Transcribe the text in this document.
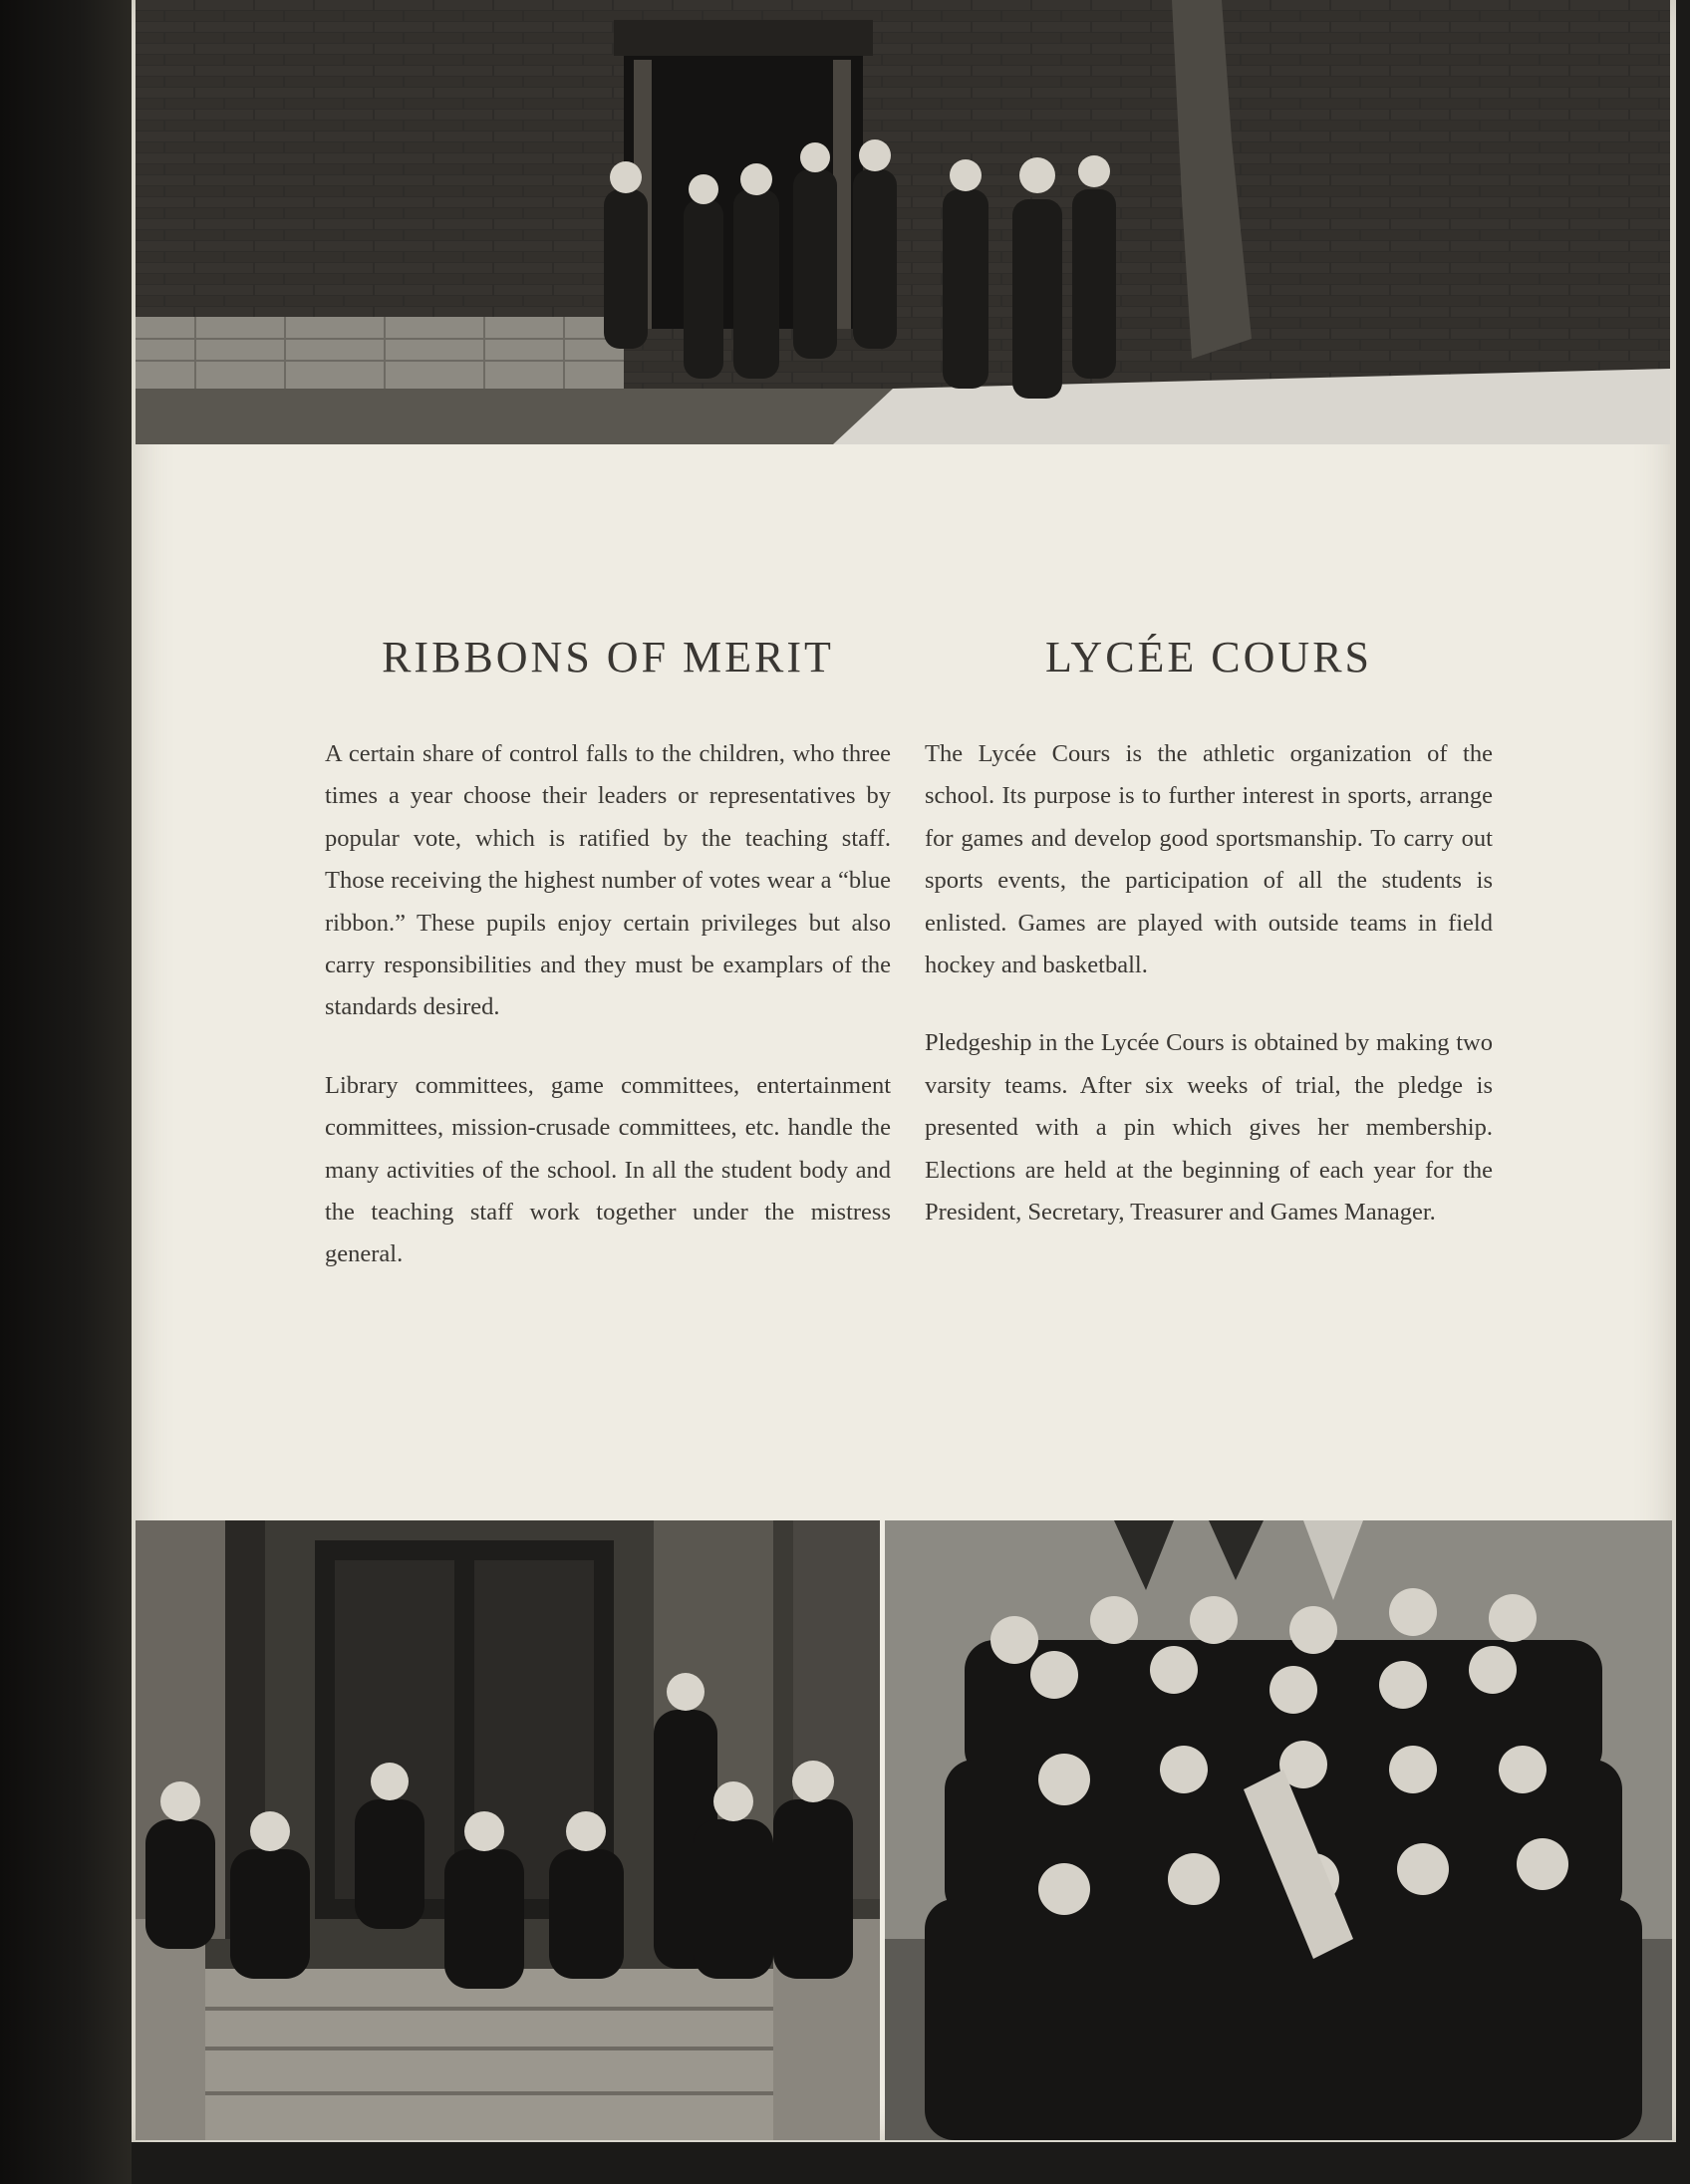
RIBBONS OF MERIT

A certain share of control falls to the children, who three times a year choose their leaders or representatives by popular vote, which is ratified by the teaching staff. Those receiving the highest number of votes wear a “blue ribbon.” These pupils enjoy certain privileges but also carry responsibilities and they must be examplars of the standards desired.

Library committees, game committees, entertainment committees, mission-crusade committees, etc. handle the many activities of the school. In all the student body and the teaching staff work together under the mistress general.

LYCÉE COURS

The Lycée Cours is the athletic organization of the school. Its purpose is to further interest in sports, arrange for games and develop good sportsmanship. To carry out sports events, the participation of all the students is enlisted. Games are played with outside teams in field hockey and basketball.

Pledgeship in the Lycée Cours is obtained by making two varsity teams. After six weeks of trial, the pledge is presented with a pin which gives her membership. Elections are held at the beginning of each year for the President, Secretary, Treasurer and Games Manager.
